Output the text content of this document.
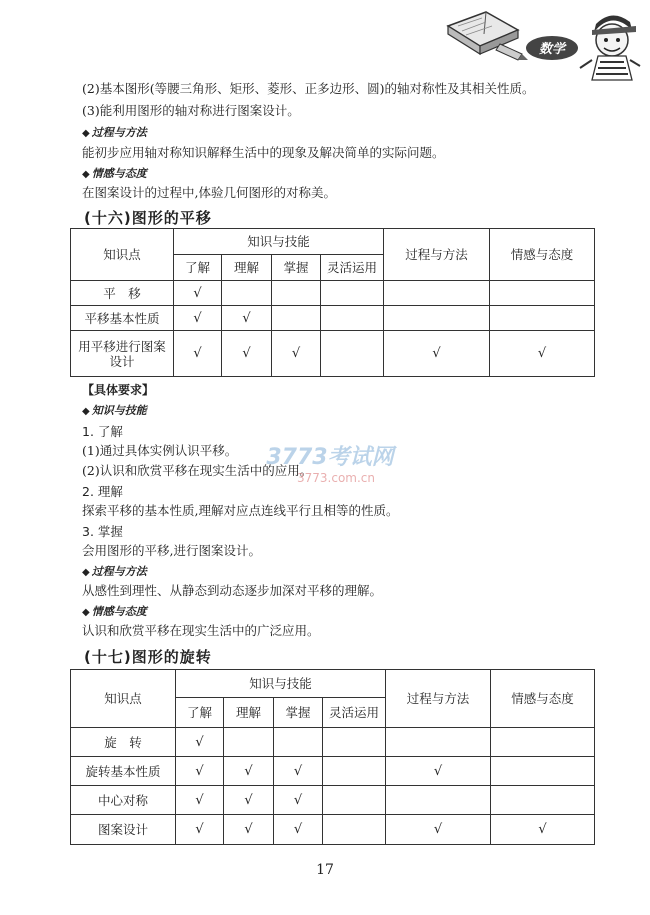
数学
(2)基本图形(等腰三角形、矩形、菱形、正多边形、圆)的轴对称性及其相关性质。
(3)能利用图形的轴对称进行图案设计。
◆ 过程与方法
能初步应用轴对称知识解释生活中的现象及解决简单的实际问题。
◆ 情感与态度
在图案设计的过程中,体验几何图形的对称美。
(十六)图形的平移
知识点	知识与技能				过程与方法	情感与态度
	了解	理解	掌握	灵活运用		
平　移	√					
平移基本性质	√	√				
用平移进行图案设计	√	√	√		√	√
【具体要求】
◆ 知识与技能
1. 了解
(1)通过具体实例认识平移。
(2)认识和欣赏平移在现实生活中的应用。
2. 理解
探索平移的基本性质,理解对应点连线平行且相等的性质。
3. 掌握
会用图形的平移,进行图案设计。
◆ 过程与方法
从感性到理性、从静态到动态逐步加深对平移的理解。
◆ 情感与态度
认识和欣赏平移在现实生活中的广泛应用。
3773考试网
3773.com.cn
(十七)图形的旋转
知识点	知识与技能				过程与方法	情感与态度
	了解	理解	掌握	灵活运用		
旋　转	√					
旋转基本性质	√	√	√		√	
中心对称	√	√	√			
图案设计	√	√	√		√	√
17
